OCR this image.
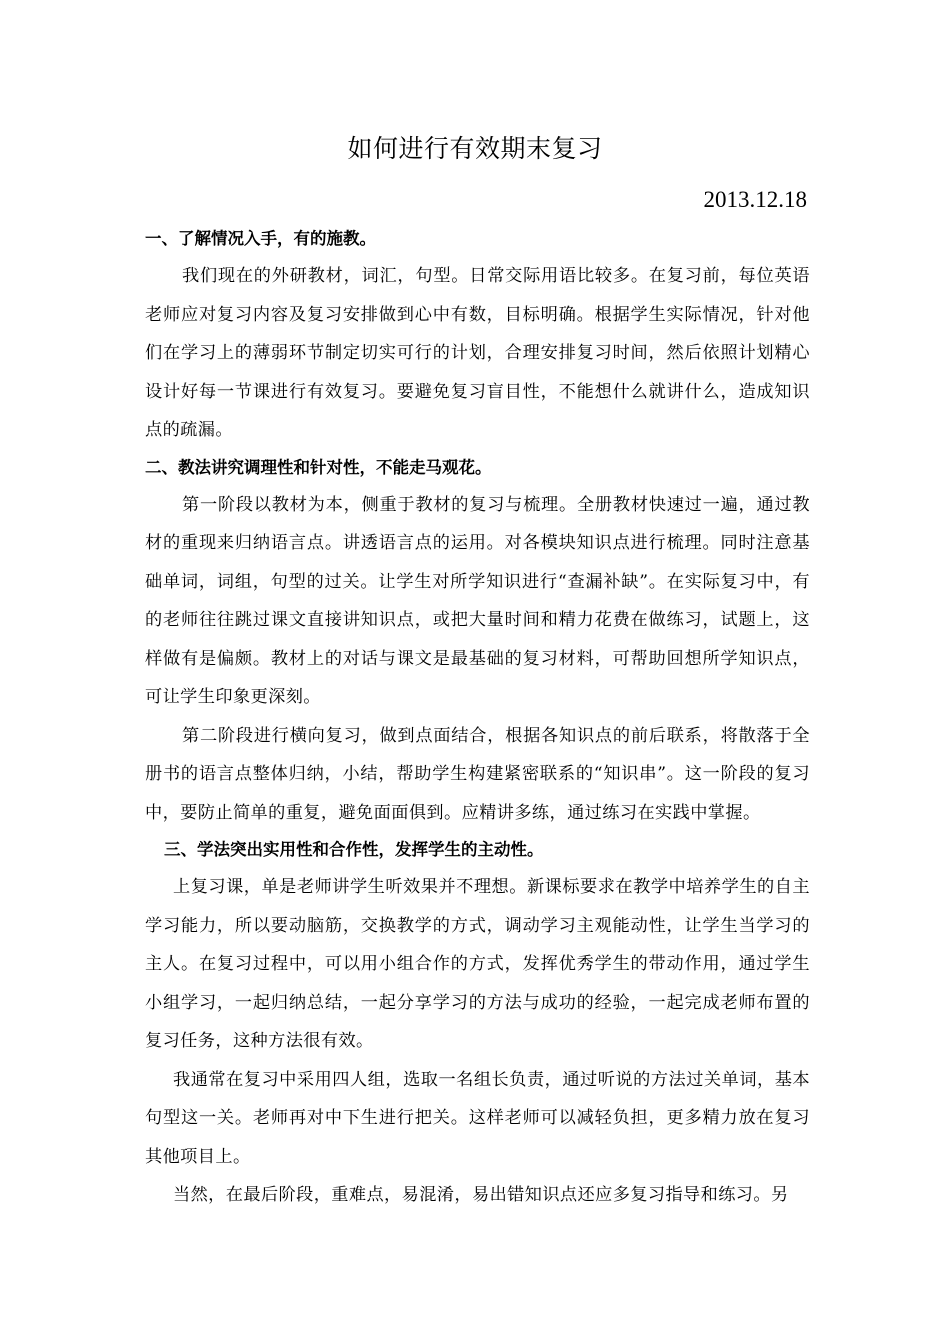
如何进行有效期末复习
2013.12.18

一、了解情况入手，有的施教。

我们现在的外研教材，词汇，句型。日常交际用语比较多。在复习前，每位英语老师应对复习内容及复习安排做到心中有数，目标明确。根据学生实际情况，针对他们在学习上的薄弱环节制定切实可行的计划，合理安排复习时间，然后依照计划精心设计好每一节课进行有效复习。要避免复习盲目性，不能想什么就讲什么，造成知识点的疏漏。

二、教法讲究调理性和针对性，不能走马观花。

第一阶段以教材为本，侧重于教材的复习与梳理。全册教材快速过一遍，通过教材的重现来归纳语言点。讲透语言点的运用。对各模块知识点进行梳理。同时注意基础单词，词组，句型的过关。让学生对所学知识进行“查漏补缺”。在实际复习中，有的老师往往跳过课文直接讲知识点，或把大量时间和精力花费在做练习，试题上，这样做有是偏颇。教材上的对话与课文是最基础的复习材料，可帮助回想所学知识点，可让学生印象更深刻。

第二阶段进行横向复习，做到点面结合，根据各知识点的前后联系，将散落于全册书的语言点整体归纳，小结，帮助学生构建紧密联系的“知识串”。这一阶段的复习中，要防止简单的重复，避免面面俱到。应精讲多练，通过练习在实践中掌握。

三、学法突出实用性和合作性，发挥学生的主动性。

上复习课，单是老师讲学生听效果并不理想。新课标要求在教学中培养学生的自主学习能力，所以要动脑筋，交换教学的方式，调动学习主观能动性，让学生当学习的主人。在复习过程中，可以用小组合作的方式，发挥优秀学生的带动作用，通过学生小组学习，一起归纳总结，一起分享学习的方法与成功的经验，一起完成老师布置的复习任务，这种方法很有效。

我通常在复习中采用四人组，选取一名组长负责，通过听说的方法过关单词，基本句型这一关。老师再对中下生进行把关。这样老师可以减轻负担，更多精力放在复习其他项目上。

当然，在最后阶段，重难点，易混淆，易出错知识点还应多复习指导和练习。另
